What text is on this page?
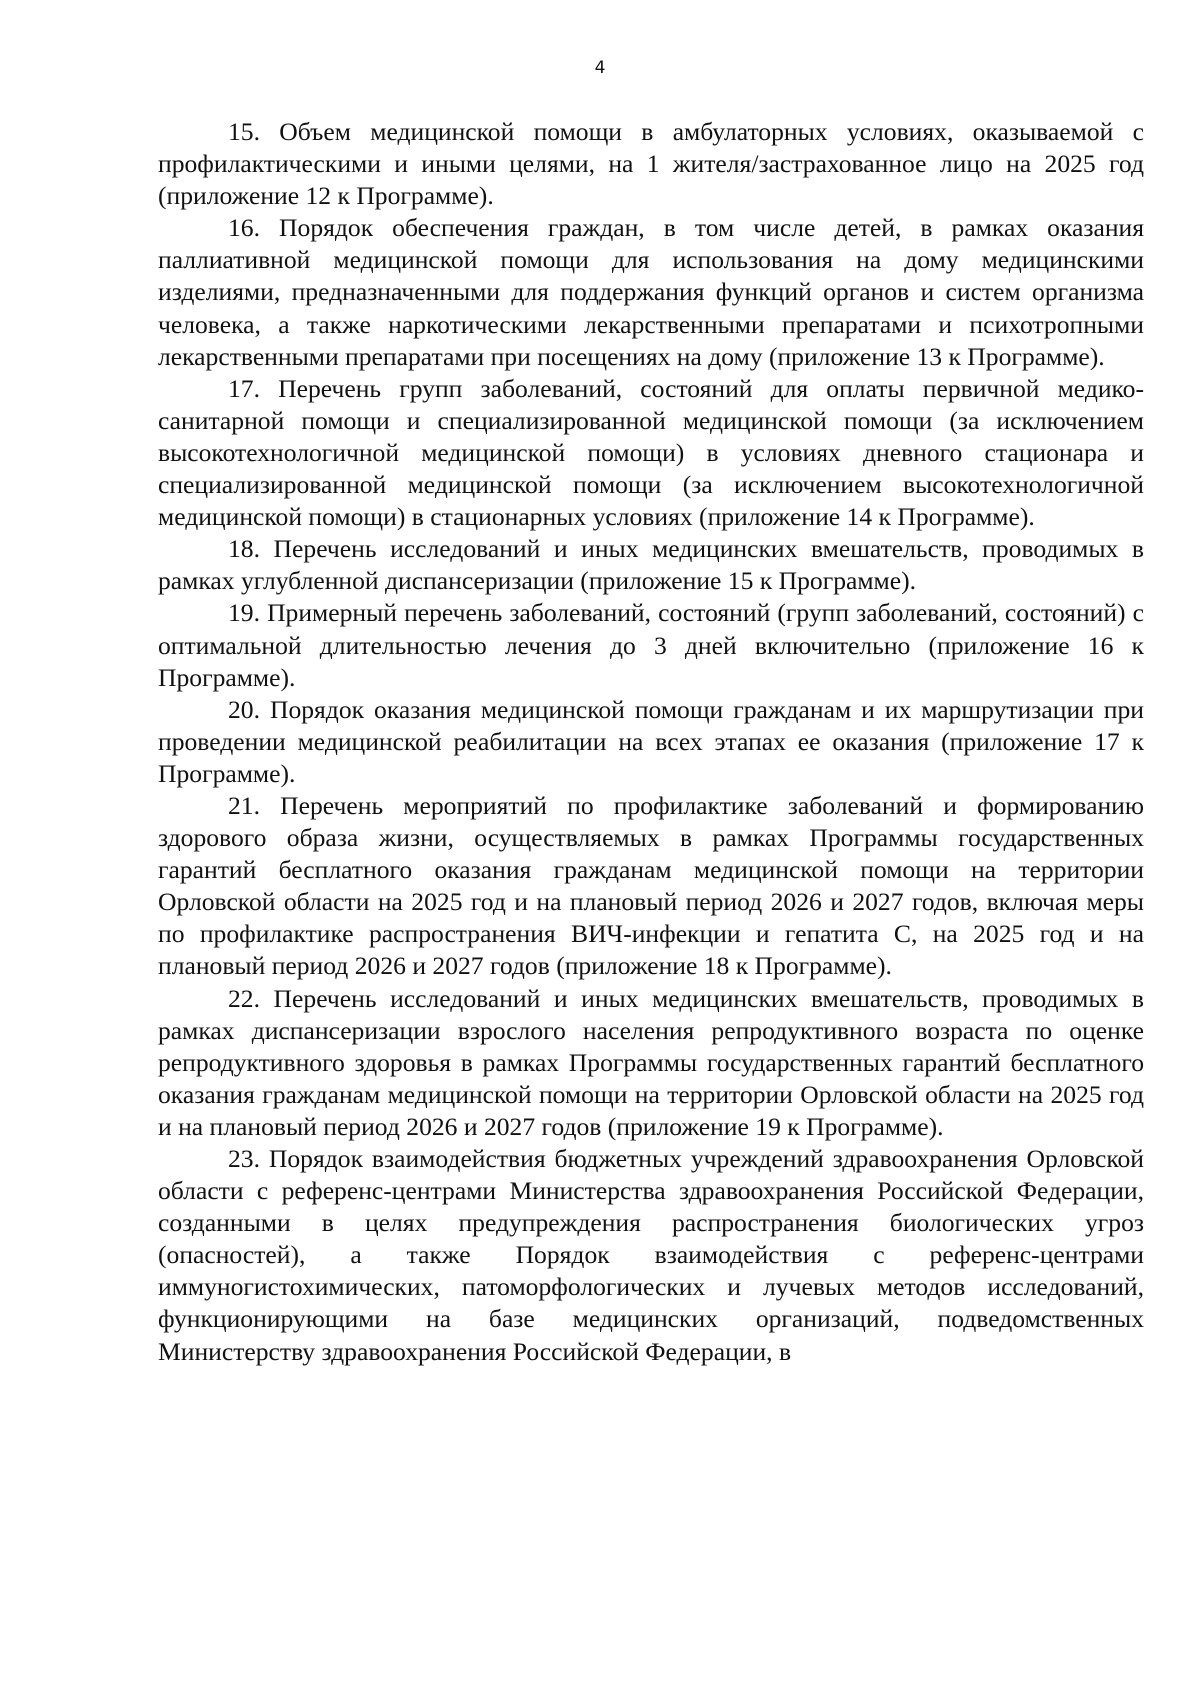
4

15. Объем медицинской помощи в амбулаторных условиях, оказываемой с профилактическими и иными целями, на 1 жителя/застрахованное лицо на 2025 год (приложение 12 к Программе).

16. Порядок обеспечения граждан, в том числе детей, в рамках оказания паллиативной медицинской помощи для использования на дому медицинскими изделиями, предназначенными для поддержания функций органов и систем организма человека, а также наркотическими лекарственными препаратами и психотропными лекарственными препаратами при посещениях на дому (приложение 13 к Программе).

17. Перечень групп заболеваний, состояний для оплаты первичной медико-санитарной помощи и специализированной медицинской помощи (за исключением высокотехнологичной медицинской помощи) в условиях дневного стационара и специализированной медицинской помощи (за исключением высокотехнологичной медицинской помощи) в стационарных условиях (приложение 14 к Программе).

18. Перечень исследований и иных медицинских вмешательств, проводимых в рамках углубленной диспансеризации (приложение 15 к Программе).

19. Примерный перечень заболеваний, состояний (групп заболеваний, состояний) с оптимальной длительностью лечения до 3 дней включительно (приложение 16 к Программе).

20. Порядок оказания медицинской помощи гражданам и их маршрутизации при проведении медицинской реабилитации на всех этапах ее оказания (приложение 17 к Программе).

21. Перечень мероприятий по профилактике заболеваний и формированию здорового образа жизни, осуществляемых в рамках Программы государственных гарантий бесплатного оказания гражданам медицинской помощи на территории Орловской области на 2025 год и на плановый период 2026 и 2027 годов, включая меры по профилактике распространения ВИЧ-инфекции и гепатита С, на 2025 год и на плановый период 2026 и 2027 годов (приложение 18 к Программе).

22. Перечень исследований и иных медицинских вмешательств, проводимых в рамках диспансеризации взрослого населения репродуктивного возраста по оценке репродуктивного здоровья в рамках Программы государственных гарантий бесплатного оказания гражданам медицинской помощи на территории Орловской области на 2025 год и на плановый период 2026 и 2027 годов (приложение 19 к Программе).

23. Порядок взаимодействия бюджетных учреждений здравоохранения Орловской области с референс-центрами Министерства здравоохранения Российской Федерации, созданными в целях предупреждения распространения биологических угроз (опасностей), а также Порядок взаимодействия с референс-центрами иммуногистохимических, патоморфологических и лучевых методов исследований, функционирующими на базе медицинских организаций, подведомственных Министерству здравоохранения Российской Федерации, в
